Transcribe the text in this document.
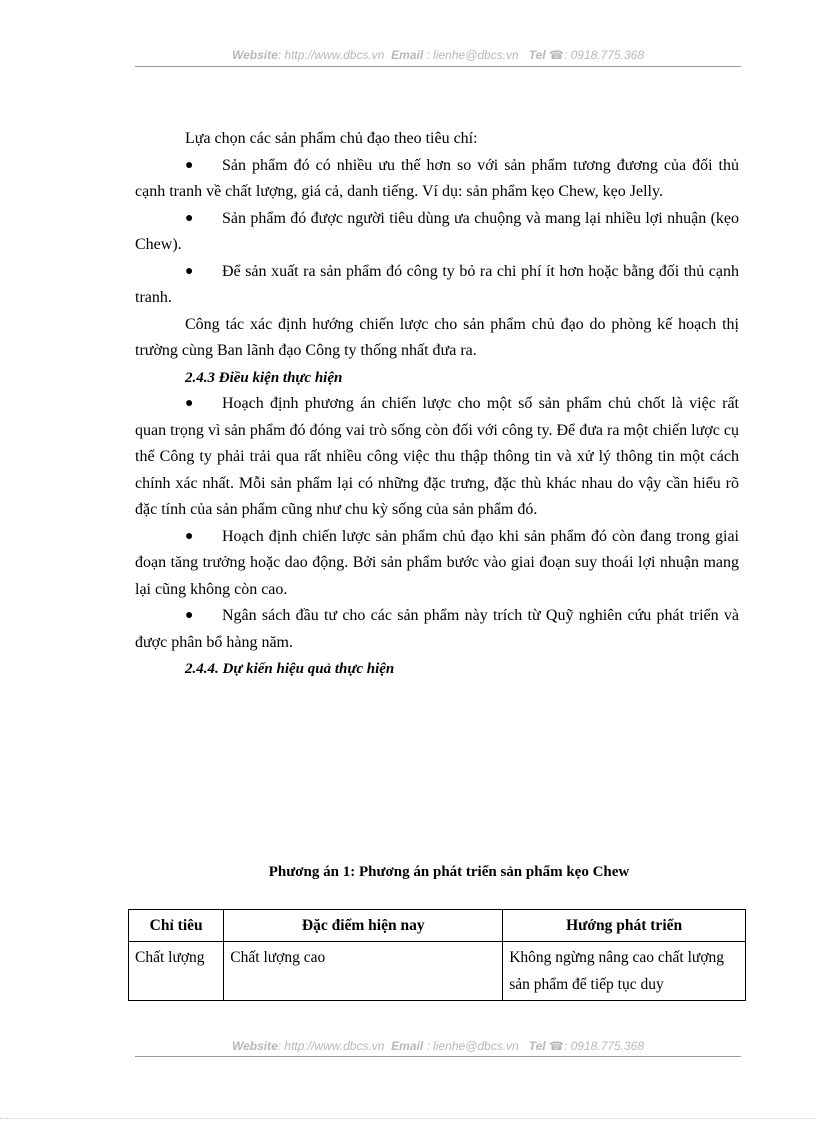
Website: http://www.dbcs.vn Email : lienhe@dbcs.vn Tel ☎: 0918.775.368

Lựa chọn các sản phẩm chủ đạo theo tiêu chí:

● Sản phẩm đó có nhiều ưu thế hơn so với sản phẩm tương đương của đối thủ cạnh tranh về chất lượng, giá cả, danh tiếng. Ví dụ: sản phẩm kẹo Chew, kẹo Jelly.

● Sản phẩm đó được người tiêu dùng ưa chuộng và mang lại nhiều lợi nhuận (kẹo Chew).

● Để sản xuất ra sản phẩm đó công ty bỏ ra chi phí ít hơn hoặc bằng đối thủ cạnh tranh.

Công tác xác định hướng chiến lược cho sản phẩm chủ đạo do phòng kế hoạch thị trường cùng Ban lãnh đạo Công ty thống nhất đưa ra.

2.4.3 Điều kiện thực hiện

● Hoạch định phương án chiến lược cho một số sản phẩm chủ chốt là việc rất quan trọng vì sản phẩm đó đóng vai trò sống còn đối với công ty. Để đưa ra một chiến lược cụ thể Công ty phải trải qua rất nhiều công việc thu thập thông tin và xử lý thông tin một cách chính xác nhất. Mỗi sản phẩm lại có những đặc trưng, đặc thù khác nhau do vậy cần hiểu rõ đặc tính của sản phẩm cũng như chu kỳ sống của sản phẩm đó.

● Hoạch định chiến lược sản phẩm chủ đạo khi sản phẩm đó còn đang trong giai đoạn tăng trưởng hoặc dao động. Bởi sản phẩm bước vào giai đoạn suy thoái lợi nhuận mang lại cũng không còn cao.

● Ngân sách đầu tư cho các sản phẩm này trích từ Quỹ nghiên cứu phát triển và được phân bổ hàng năm.

2.4.4. Dự kiến hiệu quả thực hiện

Phương án 1: Phương án phát triển sản phẩm kẹo Chew
Chỉ tiêu	Đặc điểm hiện nay	Hướng phát triển
Chất lượng	Chất lượng cao	Không ngừng nâng cao chất lượng sản phẩm để tiếp tục duy
Website: http://www.dbcs.vn Email : lienhe@dbcs.vn Tel ☎: 0918.775.368
